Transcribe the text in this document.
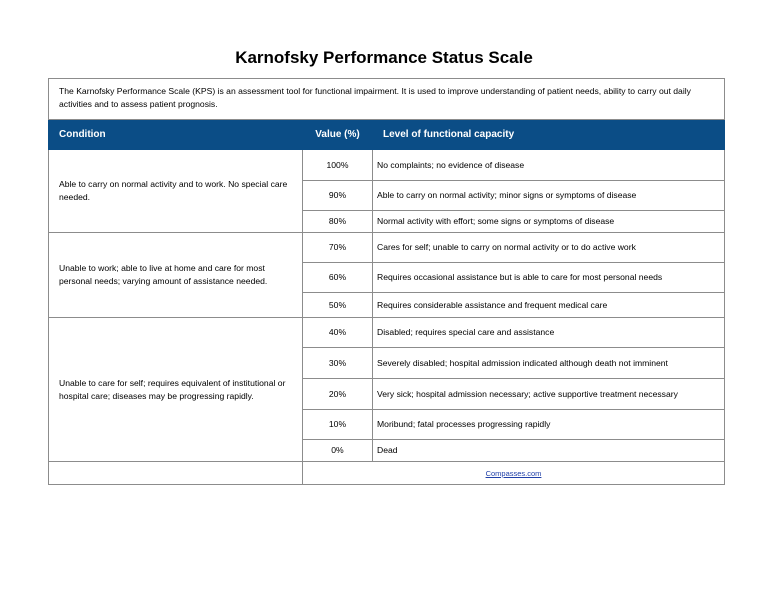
Karnofsky Performance Status Scale
The Karnofsky Performance Scale (KPS) is an assessment tool for functional impairment. It is used to improve understanding of patient needs, ability to carry out daily activities and to assess patient prognosis.		
Condition	Value (%)	Level of functional capacity
Able to carry on normal activity and to work. No special care needed.	100%	No complaints; no evidence of disease
	90%	Able to carry on normal activity; minor signs or symptoms of disease
	80%	Normal activity with effort; some signs or symptoms of disease
Unable to work; able to live at home and care for most personal needs; varying amount of assistance needed.	70%	Cares for self; unable to carry on normal activity or to do active work
	60%	Requires occasional assistance but is able to care for most personal needs
	50%	Requires considerable assistance and frequent medical care
Unable to care for self; requires equivalent of institutional or hospital care; diseases may be progressing rapidly.	40%	Disabled; requires special care and assistance
	30%	Severely disabled; hospital admission indicated although death not imminent
	20%	Very sick; hospital admission necessary; active supportive treatment necessary
	10%	Moribund; fatal processes progressing rapidly
	0%	Dead
	Compasses.com	
